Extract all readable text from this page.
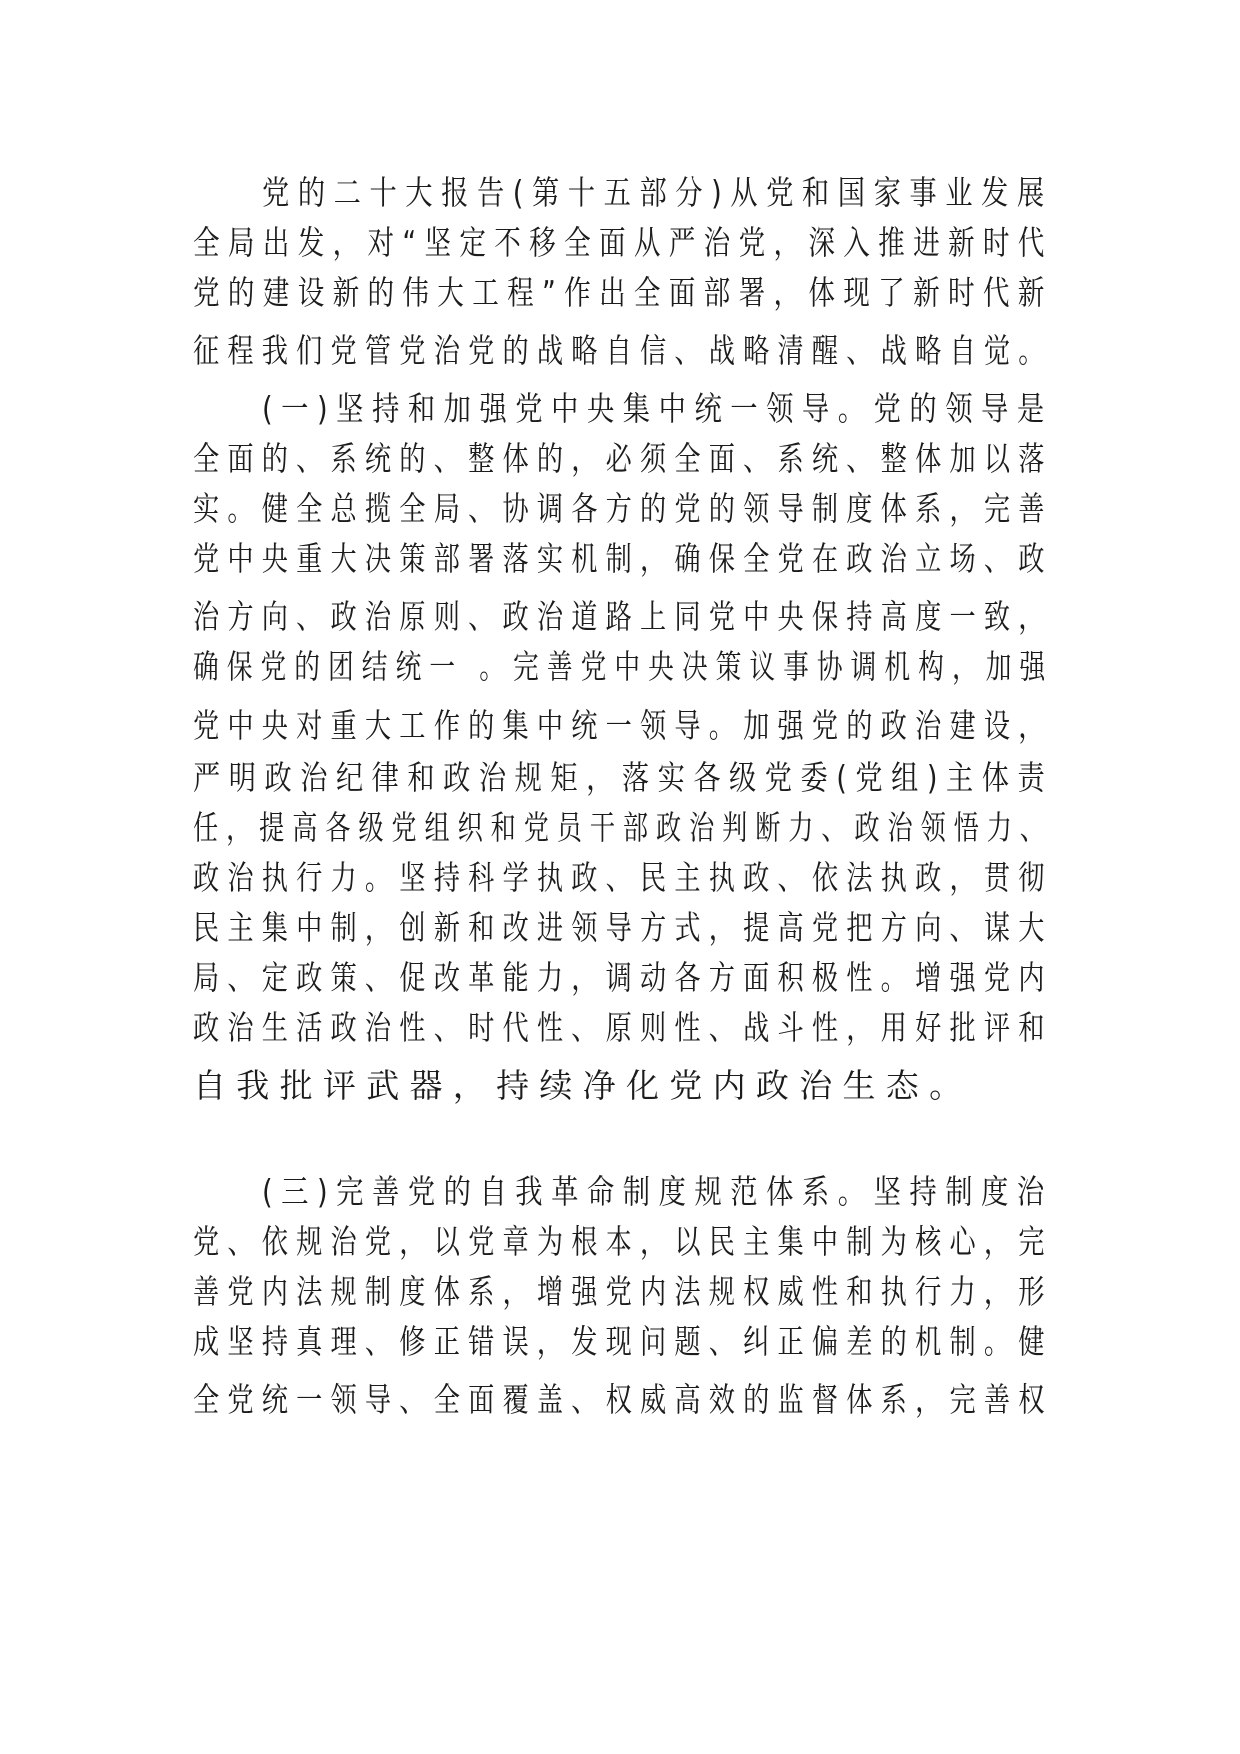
党的二十大报告(第十五部分)从党和国家事业发展
全局出发，对“坚定不移全面从严治党，深入推进新时代
党的建设新的伟大工程”作出全面部署，体现了新时代新
征程我们党管党治党的战略自信、战略清醒、战略自觉。
(一)坚持和加强党中央集中统一领导。党的领导是
全面的、系统的、整体的，必须全面、系统、整体加以落
实。健全总揽全局、协调各方的党的领导制度体系，完善
党中央重大决策部署落实机制，确保全党在政治立场、政
治方向、政治原则、政治道路上同党中央保持高度一致，
确保党的团结统一 。完善党中央决策议事协调机构，加强
党中央对重大工作的集中统一领导。加强党的政治建设，
严明政治纪律和政治规矩，落实各级党委(党组)主体责
任，提高各级党组织和党员干部政治判断力、政治领悟力、
政治执行力。坚持科学执政、民主执政、依法执政，贯彻
民主集中制，创新和改进领导方式，提高党把方向、谋大
局、定政策、促改革能力，调动各方面积极性。增强党内
政治生活政治性、时代性、原则性、战斗性，用好批评和
自我批评武器，持续净化党内政治生态。
(三)完善党的自我革命制度规范体系。坚持制度治
党、依规治党，以党章为根本，以民主集中制为核心，完
善党内法规制度体系，增强党内法规权威性和执行力，形
成坚持真理、修正错误，发现问题、纠正偏差的机制。健
全党统一领导、全面覆盖、权威高效的监督体系，完善权
